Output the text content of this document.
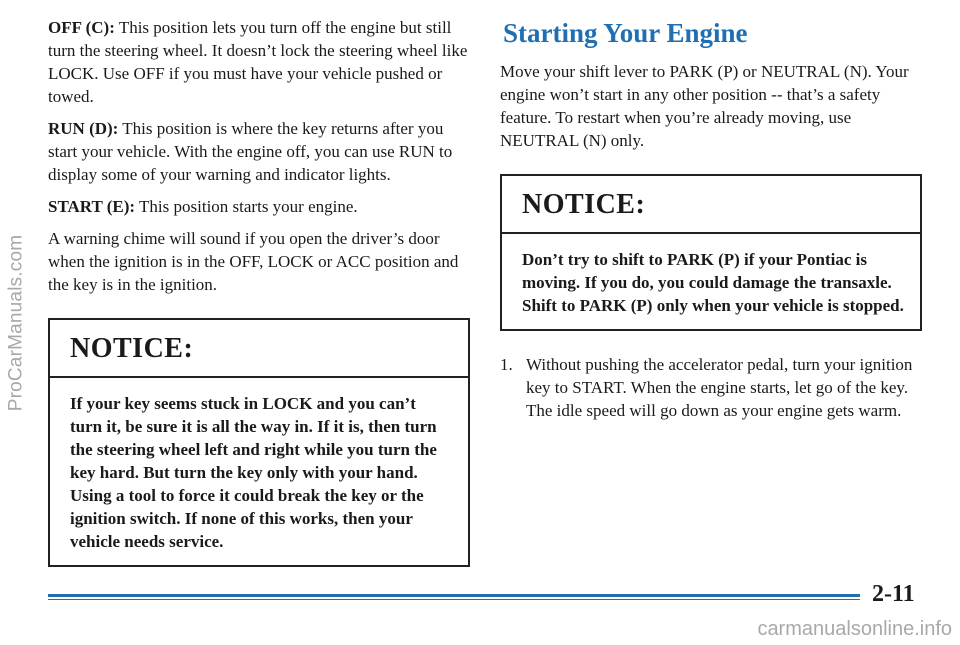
ProCarManuals.com

OFF (C): This position lets you turn off the engine but still turn the steering wheel. It doesn’t lock the steering wheel like LOCK. Use OFF if you must have your vehicle pushed or towed.

RUN (D): This position is where the key returns after you start your vehicle. With the engine off, you can use RUN to display some of your warning and indicator lights.

START (E): This position starts your engine.

A warning chime will sound if you open the driver’s door when the ignition is in the OFF, LOCK or ACC position and the key is in the ignition.

NOTICE:
If your key seems stuck in LOCK and you can’t turn it, be sure it is all the way in. If it is, then turn the steering wheel left and right while you turn the key hard. But turn the key only with your hand. Using a tool to force it could break the key or the ignition switch. If none of this works, then your vehicle needs service.
Starting Your Engine

Move your shift lever to PARK (P) or NEUTRAL (N). Your engine won’t start in any other position -- that’s a safety feature. To restart when you’re already moving, use NEUTRAL (N) only.

NOTICE:
Don’t try to shift to PARK (P) if your Pontiac is moving. If you do, you could damage the transaxle. Shift to PARK (P) only when your vehicle is stopped.
1. Without pushing the accelerator pedal, turn your ignition key to START. When the engine starts, let go of the key. The idle speed will go down as your engine gets warm.
2-11
carmanualsonline.info
